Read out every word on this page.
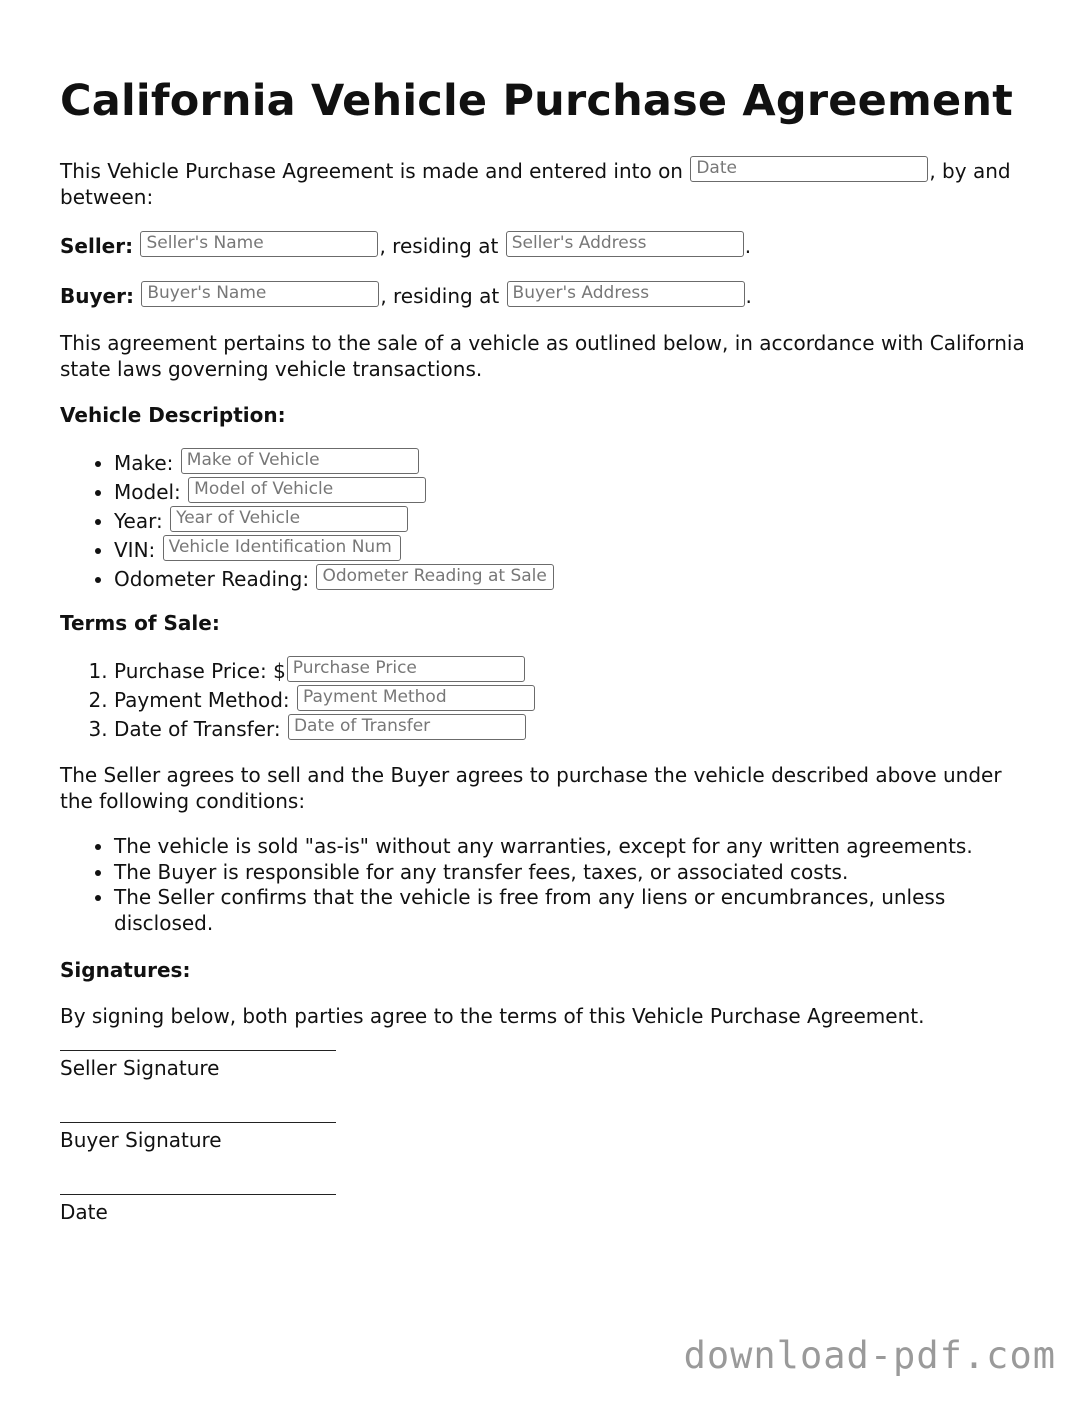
California Vehicle Purchase Agreement
This Vehicle Purchase Agreement is made and entered into on Date	, by and between:
Seller: Seller's Name	, residing at Seller's Address	.
Buyer: Buyer's Name	, residing at Buyer's Address	.
This agreement pertains to the sale of a vehicle as outlined below, in accordance with California state laws governing vehicle transactions.
Vehicle Description:
• Make: Make of Vehicle
• Model: Model of Vehicle
• Year: Year of Vehicle
• VIN: Vehicle Identification Num
• Odometer Reading: Odometer Reading at Sale
Terms of Sale:
1. Purchase Price: $ Purchase Price
2. Payment Method: Payment Method
3. Date of Transfer: Date of Transfer
The Seller agrees to sell and the Buyer agrees to purchase the vehicle described above under the following conditions:
• The vehicle is sold "as-is" without any warranties, except for any written agreements.
• The Buyer is responsible for any transfer fees, taxes, or associated costs.
• The Seller confirms that the vehicle is free from any liens or encumbrances, unless disclosed.
Signatures:
By signing below, both parties agree to the terms of this Vehicle Purchase Agreement.
Seller Signature
Buyer Signature
Date
download-pdf.com
